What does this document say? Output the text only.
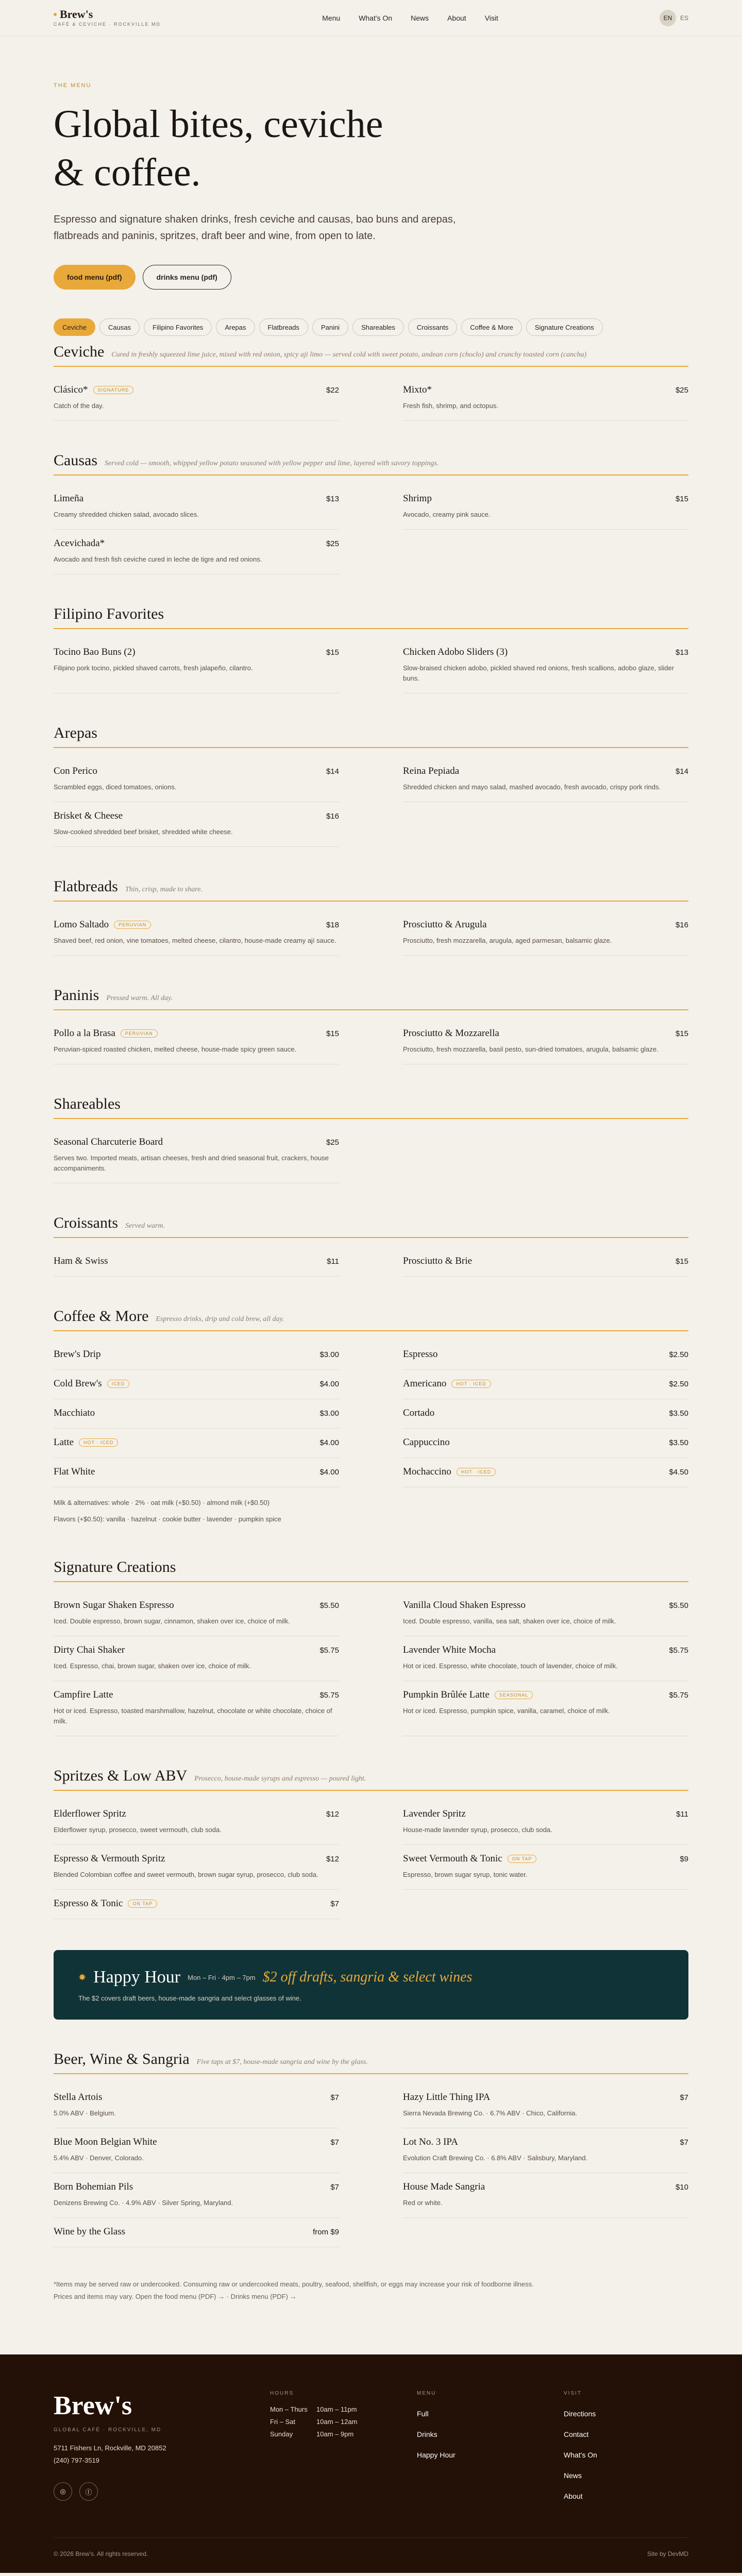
Brew's
CAFÉ & CEVICHE · ROCKVILLE MD
Menu	What's On	News	About	Visit	EN	ES
THE MENU
Global bites, ceviche & coffee.

Espresso and signature shaken drinks, fresh ceviche and causas, bao buns and arepas, flatbreads and paninis, spritzes, draft beer and wine, from open to late.

food menu (pdf)	drinks menu (pdf)
Ceviche	Causas	Filipino Favorites	Arepas	Flatbreads	Panini	Shareables	Croissants	Coffee & More	Signature Creations
Ceviche Cured in freshly squeezed lime juice, mixed with red onion, spicy aji limo — served cold with sweet potato, andean corn (choclo) and crunchy toasted corn (cancha)
Clásico*	SIGNATURE	$22
Catch of the day.
Mixto*	$25
Fresh fish, shrimp, and octopus.
Causas Served cold — smooth, whipped yellow potato seasoned with yellow pepper and lime, layered with savory toppings.
Limeña	$13
Creamy shredded chicken salad, avocado slices.
Shrimp	$15
Avocado, creamy pink sauce.
Acevichada*	$25
Avocado and fresh fish ceviche cured in leche de tigre and red onions.
Filipino Favorites
Tocino Bao Buns (2)	$15
Filipino pork tocino, pickled shaved carrots, fresh jalapeño, cilantro.
Chicken Adobo Sliders (3)	$13
Slow-braised chicken adobo, pickled shaved red onions, fresh scallions, adobo glaze, slider buns.
Arepas
Con Perico	$14
Scrambled eggs, diced tomatoes, onions.
Reina Pepiada	$14
Shredded chicken and mayo salad, mashed avocado, fresh avocado, crispy pork rinds.
Brisket & Cheese	$16
Slow-cooked shredded beef brisket, shredded white cheese.
Flatbreads Thin, crisp, made to share.
Lomo Saltado	PERUVIAN	$18
Shaved beef, red onion, vine tomatoes, melted cheese, cilantro, house-made creamy ají sauce.
Prosciutto & Arugula	$16
Prosciutto, fresh mozzarella, arugula, aged parmesan, balsamic glaze.
Paninis Pressed warm. All day.
Pollo a la Brasa	PERUVIAN	$15
Peruvian-spiced roasted chicken, melted cheese, house-made spicy green sauce.
Prosciutto & Mozzarella	$15
Prosciutto, fresh mozzarella, basil pesto, sun-dried tomatoes, arugula, balsamic glaze.
Shareables
Seasonal Charcuterie Board	$25
Serves two. Imported meats, artisan cheeses, fresh and dried seasonal fruit, crackers, house accompaniments.
Croissants Served warm.
Ham & Swiss	$11	Prosciutto & Brie	$15
Coffee & More Espresso drinks, drip and cold brew, all day.
Brew's Drip	$3.00	Espresso	$2.50
Cold Brew's	ICED	$4.00	Americano	HOT · ICED	$2.50
Macchiato	$3.00	Cortado	$3.50
Latte	HOT · ICED	$4.00	Cappuccino	$3.50
Flat White	$4.00	Mochaccino	HOT · ICED	$4.50
Milk & alternatives: whole · 2% · oat milk (+$0.50) · almond milk (+$0.50)
Flavors (+$0.50): vanilla · hazelnut · cookie butter · lavender · pumpkin spice
Signature Creations
Brown Sugar Shaken Espresso	$5.50
Iced. Double espresso, brown sugar, cinnamon, shaken over ice, choice of milk.
Vanilla Cloud Shaken Espresso	$5.50
Iced. Double espresso, vanilla, sea salt, shaken over ice, choice of milk.
Dirty Chai Shaker	$5.75
Iced. Espresso, chai, brown sugar, shaken over ice, choice of milk.
Lavender White Mocha	$5.75
Hot or iced. Espresso, white chocolate, touch of lavender, choice of milk.
Campfire Latte	$5.75
Hot or iced. Espresso, toasted marshmallow, hazelnut, chocolate or white chocolate, choice of milk.
Pumpkin Brûlée Latte	SEASONAL	$5.75
Hot or iced. Espresso, pumpkin spice, vanilla, caramel, choice of milk.
Spritzes & Low ABV Prosecco, house-made syrups and espresso — poured light.
Elderflower Spritz	$12
Elderflower syrup, prosecco, sweet vermouth, club soda.
Lavender Spritz	$11
House-made lavender syrup, prosecco, club soda.
Espresso & Vermouth Spritz	$12
Blended Colombian coffee and sweet vermouth, brown sugar syrup, prosecco, club soda.
Sweet Vermouth & Tonic	ON TAP	$9
Espresso, brown sugar syrup, tonic water.
Espresso & Tonic	ON TAP	$7
✸ Happy Hour Mon – Fri · 4pm – 7pm $2 off drafts, sangria & select wines
The $2 covers draft beers, house-made sangria and select glasses of wine.
Beer, Wine & Sangria Five taps at $7, house-made sangria and wine by the glass.
Stella Artois	$7
5.0% ABV · Belgium.
Hazy Little Thing IPA	$7
Sierra Nevada Brewing Co. · 6.7% ABV · Chico, California.
Blue Moon Belgian White	$7
5.4% ABV · Denver, Colorado.
Lot No. 3 IPA	$7
Evolution Craft Brewing Co. · 6.8% ABV · Salisbury, Maryland.
Born Bohemian Pils	$7
Denizens Brewing Co. · 4.9% ABV · Silver Spring, Maryland.
House Made Sangria	$10
Red or white.
Wine by the Glass	from $9
*Items may be served raw or undercooked. Consuming raw or undercooked meats, poultry, seafood, shellfish, or eggs may increase your risk of foodborne illness.
Prices and items may vary. Open the food menu (PDF) → · Drinks menu (PDF) →
Brew's
GLOBAL CAFÉ · ROCKVILLE, MD
5711 Fishers Ln, Rockville, MD 20852
(240) 797-3519
◎	ⓕ
HOURS
Mon – Thurs	10am – 11pm
Fri – Sat	10am – 12am
Sunday	10am – 9pm
MENU
Full
Drinks
Happy Hour
VISIT
Directions
Contact
What's On
News
About
© 2026 Brew's. All rights reserved.	Site by DevMD
